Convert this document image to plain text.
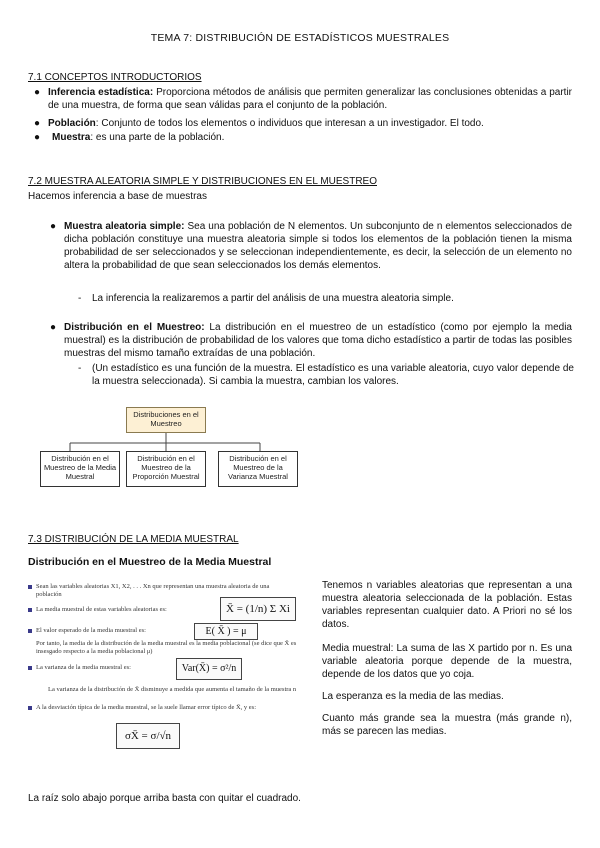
TEMA 7: DISTRIBUCIÓN DE ESTADÍSTICOS MUESTRALES
7.1 CONCEPTOS INTRODUCTORIOS
● Inferencia estadística: Proporciona métodos de análisis que permiten generalizar las conclusiones obtenidas a partir de una muestra, de forma que sean válidas para el conjunto de la población.
● Población: Conjunto de todos los elementos o individuos que interesan a un investigador. El todo.
● Muestra: es una parte de la población.
7.2 MUESTRA ALEATORIA SIMPLE Y DISTRIBUCIONES EN EL MUESTREO
Hacemos inferencia a base de muestras
● Muestra aleatoria simple: Sea una población de N elementos. Un subconjunto de n elementos seleccionados de dicha población constituye una muestra aleatoria simple si todos los elementos de la población tienen la misma probabilidad de ser seleccionados y se seleccionan independientemente, es decir, la selección de un elemento no altera la probabilidad de que sean seleccionados los demás elementos.
- La inferencia la realizaremos a partir del análisis de una muestra aleatoria simple.
● Distribución en el Muestreo: La distribución en el muestreo de un estadístico (como por ejemplo la media muestral) es la distribución de probabilidad de los valores que toma dicho estadístico a partir de todas las posibles muestras del mismo tamaño extraídas de una población.
- (Un estadístico es una función de la muestra. El estadístico es una variable aleatoria, cuyo valor depende de la muestra seleccionada). Si cambia la muestra, cambian los valores.
Distribuciones en el Muestreo
Distribución en el Muestreo de la Media Muestral
Distribución en el Muestreo de la Proporción Muestral
Distribución en el Muestreo de la Varianza Muestral
7.3 DISTRIBUCIÓN DE LA MEDIA MUESTRAL
Distribución en el Muestreo de la Media Muestral
Sean las variables aleatorias X1, X2, . . . Xn que representan una muestra aleatoria de una población
La media muestral de estas variables aleatorias es:	X̄ = (1/n) Σ Xi
El valor esperado de la media muestral es:	E( X̄ ) = μ
Por tanto, la media de la distribución de la media muestral es la media poblacional (se dice que X̄ es insesgado respecto a la media poblacional μ)
La varianza de la media muestral es:	Var(X̄) = σ²/n
La varianza de la distribución de X̄ disminuye a medida que aumenta el tamaño de la muestra n
A la desviación típica de la media muestral, se la suele llamar error típico de X̄, y es:
σX̄ = σ/√n
Tenemos n variables aleatorias que representan a una muestra aleatoria seleccionada de la población. Estas variables representan cualquier dato. A Priori no sé los datos.
Media muestral: La suma de las X partido por n. Es una variable aleatoria porque depende de la muestra, depende de los datos que yo coja.
La esperanza es la media de las medias.
Cuanto más grande sea la muestra (más grande n), más se parecen las medias.
La raíz solo abajo porque arriba basta con quitar el cuadrado.
